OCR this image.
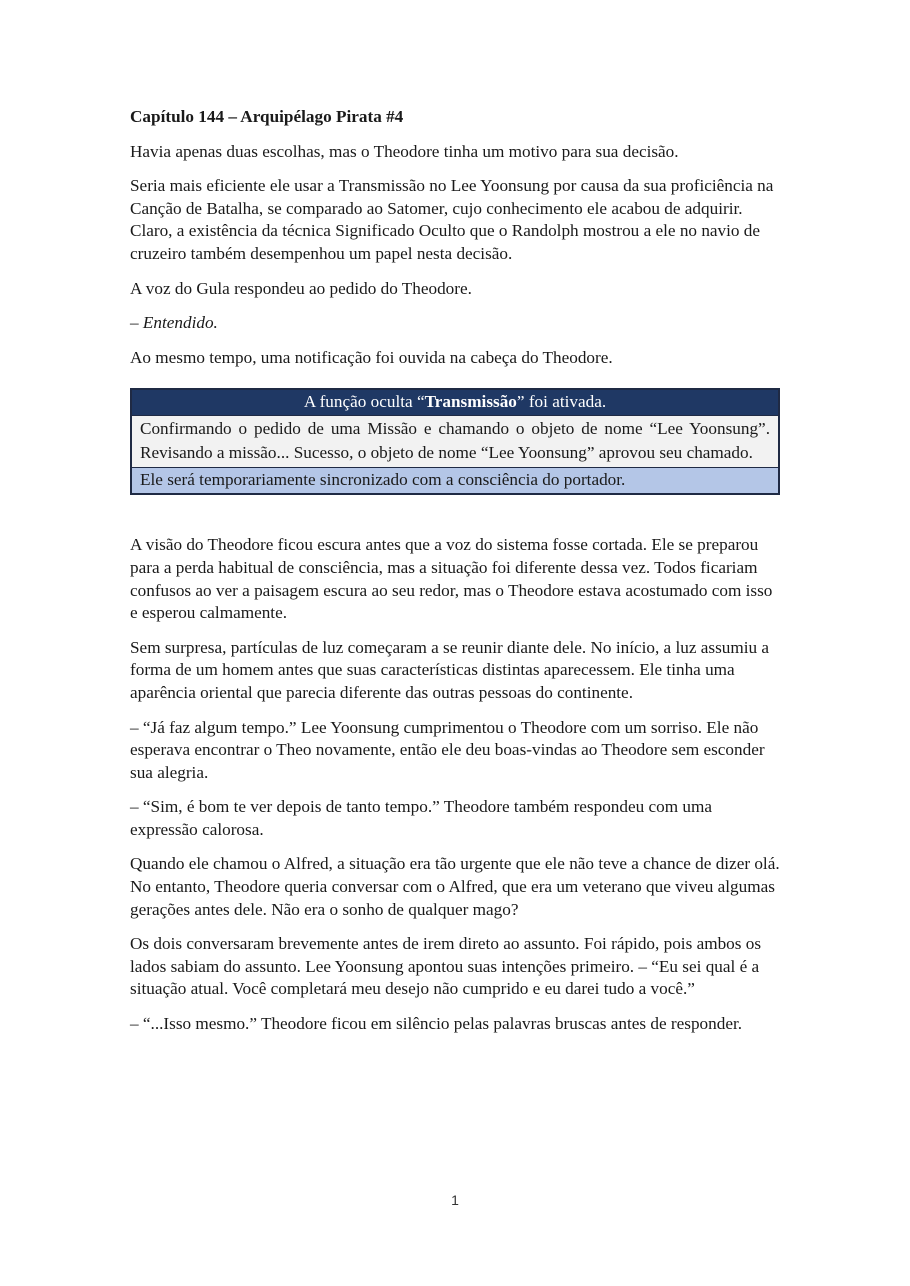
Capítulo 144 – Arquipélago Pirata #4

Havia apenas duas escolhas, mas o Theodore tinha um motivo para sua decisão.

Seria mais eficiente ele usar a Transmissão no Lee Yoonsung por causa da sua proficiência na Canção de Batalha, se comparado ao Satomer, cujo conhecimento ele acabou de adquirir. Claro, a existência da técnica Significado Oculto que o Randolph mostrou a ele no navio de cruzeiro também desempenhou um papel nesta decisão.

A voz do Gula respondeu ao pedido do Theodore.

– Entendido.

Ao mesmo tempo, uma notificação foi ouvida na cabeça do Theodore.

A função oculta “Transmissão” foi ativada.
Confirmando o pedido de uma Missão e chamando o objeto de nome “Lee Yoonsung”. Revisando a missão... Sucesso, o objeto de nome “Lee Yoonsung” aprovou seu chamado.
Ele será temporariamente sincronizado com a consciência do portador.

A visão do Theodore ficou escura antes que a voz do sistema fosse cortada. Ele se preparou para a perda habitual de consciência, mas a situação foi diferente dessa vez. Todos ficariam confusos ao ver a paisagem escura ao seu redor, mas o Theodore estava acostumado com isso e esperou calmamente.

Sem surpresa, partículas de luz começaram a se reunir diante dele. No início, a luz assumiu a forma de um homem antes que suas características distintas aparecessem. Ele tinha uma aparência oriental que parecia diferente das outras pessoas do continente.

– “Já faz algum tempo.” Lee Yoonsung cumprimentou o Theodore com um sorriso. Ele não esperava encontrar o Theo novamente, então ele deu boas-vindas ao Theodore sem esconder sua alegria.

– “Sim, é bom te ver depois de tanto tempo.” Theodore também respondeu com uma expressão calorosa.

Quando ele chamou o Alfred, a situação era tão urgente que ele não teve a chance de dizer olá. No entanto, Theodore queria conversar com o Alfred, que era um veterano que viveu algumas gerações antes dele. Não era o sonho de qualquer mago?

Os dois conversaram brevemente antes de irem direto ao assunto. Foi rápido, pois ambos os lados sabiam do assunto. Lee Yoonsung apontou suas intenções primeiro. – “Eu sei qual é a situação atual. Você completará meu desejo não cumprido e eu darei tudo a você.”

– “...Isso mesmo.” Theodore ficou em silêncio pelas palavras bruscas antes de responder.

1
